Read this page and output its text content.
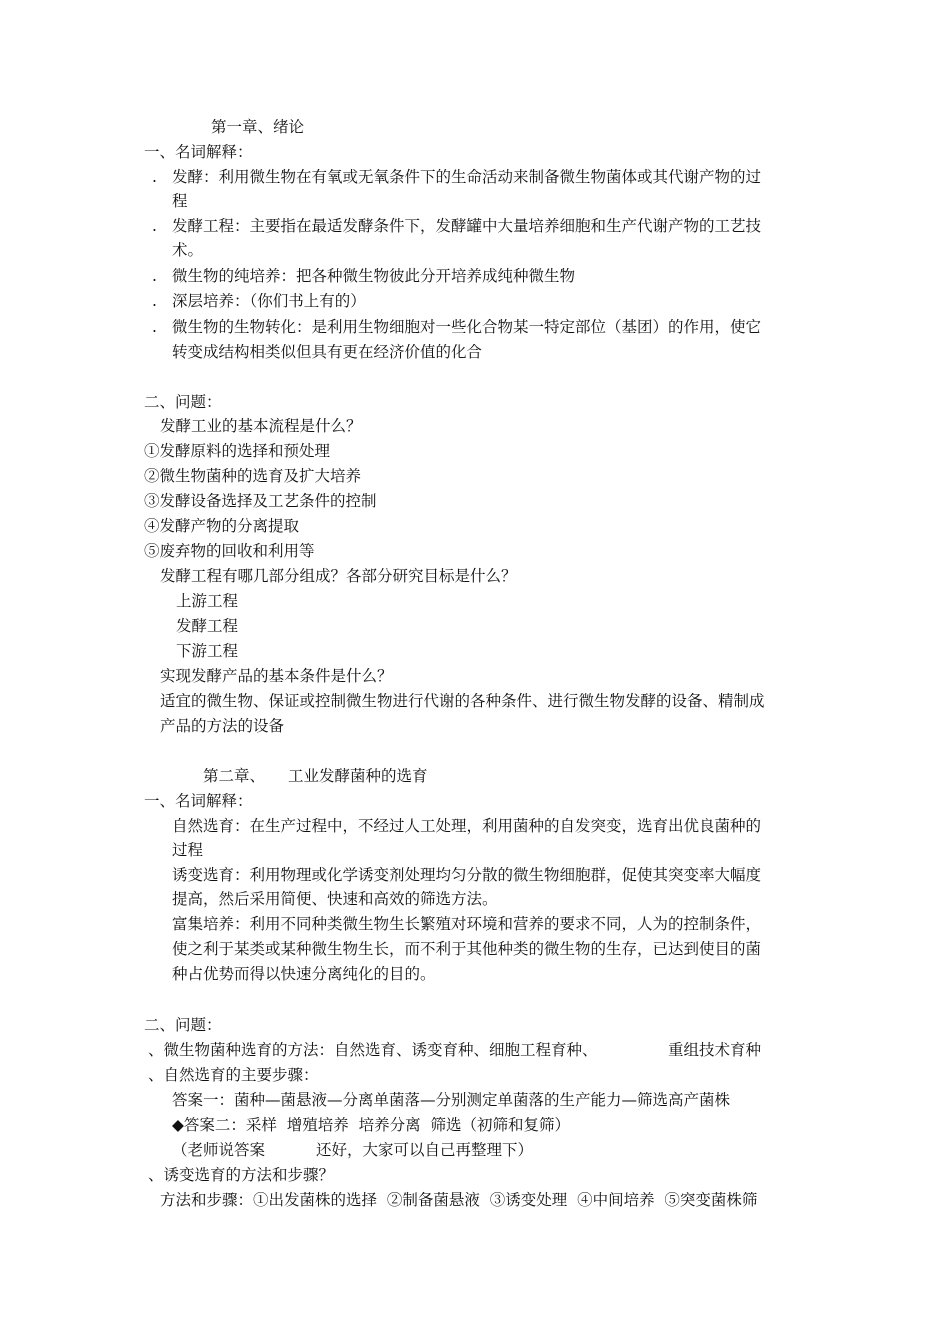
第一章、绪论
一、名词解释：
. 发酵：利用微生物在有氧或无氧条件下的生命活动来制备微生物菌体或其代谢产物的过
程
. 发酵工程：主要指在最适发酵条件下，发酵罐中大量培养细胞和生产代谢产物的工艺技
术。
. 微生物的纯培养：把各种微生物彼此分开培养成纯种微生物
. 深层培养：（你们书上有的）
. 微生物的生物转化：是利用生物细胞对一些化合物某一特定部位（基团）的作用，使它
转变成结构相类似但具有更在经济价值的化合
二、问题：
发酵工业的基本流程是什么？
①发酵原料的选择和预处理
②微生物菌种的选育及扩大培养
③发酵设备选择及工艺条件的控制
④发酵产物的分离提取
⑤废弃物的回收和利用等
发酵工程有哪几部分组成？各部分研究目标是什么？
上游工程
发酵工程
下游工程
实现发酵产品的基本条件是什么？
适宜的微生物、保证或控制微生物进行代谢的各种条件、进行微生物发酵的设备、精制成
产品的方法的设备
第二章、 工业发酵菌种的选育
一、名词解释：
自然选育：在生产过程中，不经过人工处理，利用菌种的自发突变，选育出优良菌种的
过程
诱变选育：利用物理或化学诱变剂处理均匀分散的微生物细胞群，促使其突变率大幅度
提高，然后采用简便、快速和高效的筛选方法。
富集培养：利用不同种类微生物生长繁殖对环境和营养的要求不同，人为的控制条件，
使之利于某类或某种微生物生长，而不利于其他种类的微生物的生存，已达到使目的菌
种占优势而得以快速分离纯化的目的。
二、问题：
、微生物菌种选育的方法：自然选育、诱变育种、细胞工程育种、	重组技术育种
、自然选育的主要步骤：
答案一：菌种—菌悬液—分离单菌落—分别测定单菌落的生产能力—筛选高产菌株
◆答案二：采样  增殖培养  培养分离  筛选（初筛和复筛）
（老师说答案	还好，大家可以自己再整理下）
、诱变选育的方法和步骤？
方法和步骤：①出发菌株的选择  ②制备菌悬液  ③诱变处理  ④中间培养  ⑤突变菌株筛
